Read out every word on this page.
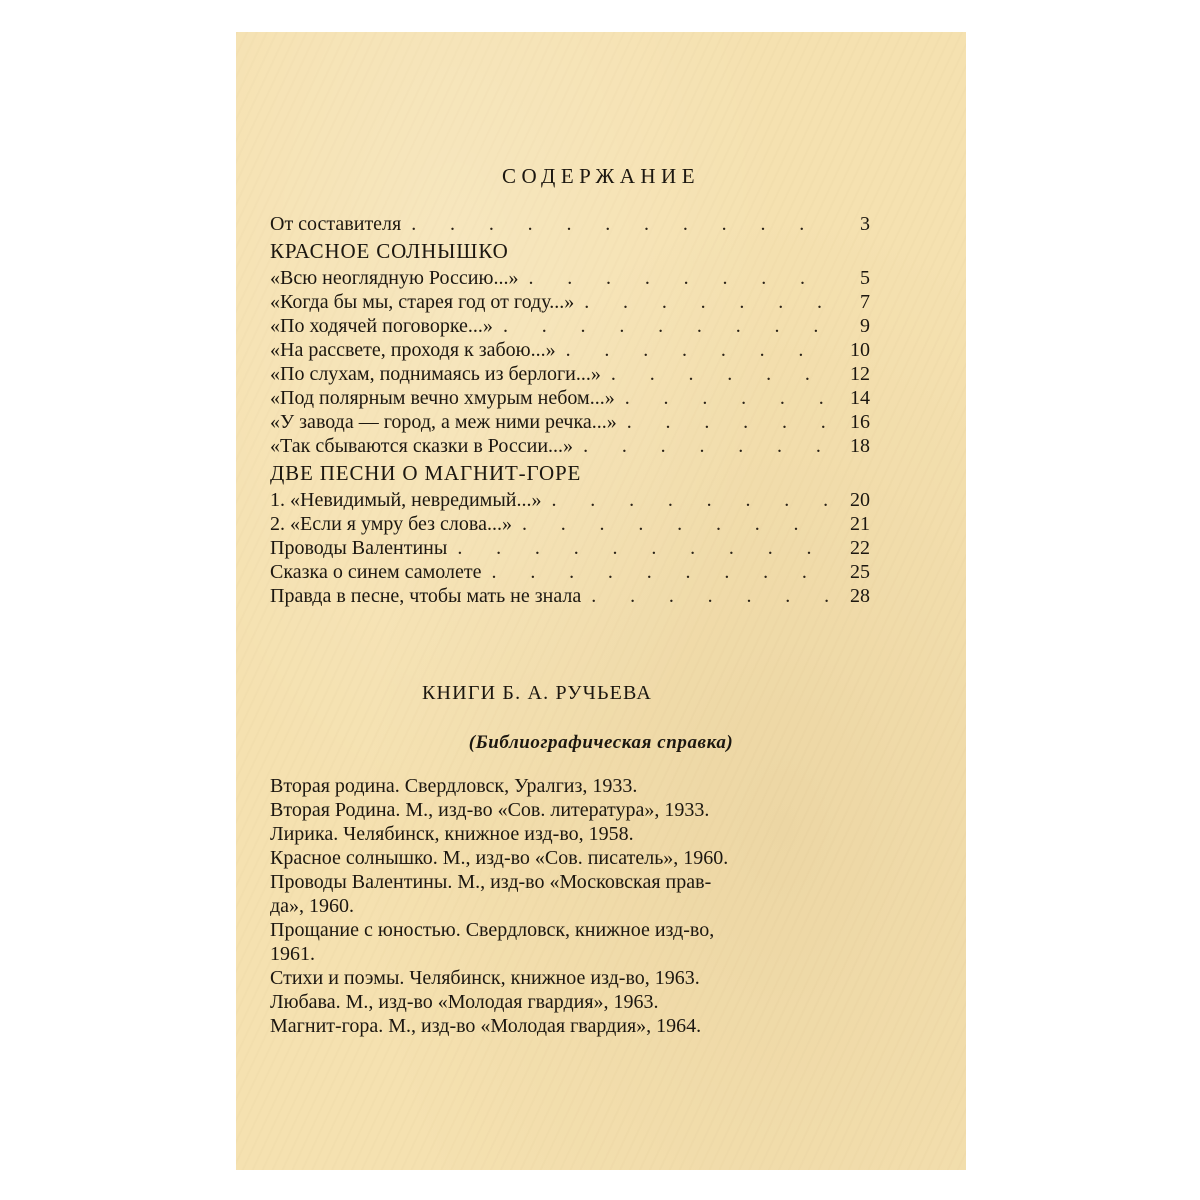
СОДЕРЖАНИЕ
От составителя . . .	3
КРАСНОЕ СОЛНЫШКО
«Всю неоглядную Россию...» . . .	5
«Когда бы мы, старея год от году...» . . .	7
«По ходячей поговорке...» . . .	9
«На рассвете, проходя к забою...» . . .	10
«По слухам, поднимаясь из берлоги...» . . .	12
«Под полярным вечно хмурым небом...» . . .	14
«У завода — город, а меж ними речка...» . . .	16
«Так сбываются сказки в России...» . . .	18
ДВЕ ПЕСНИ О МАГНИТ-ГОРЕ
1. «Невидимый, невредимый...» . . .	20
2. «Если я умру без слова...» . . .	21
Проводы Валентины . . .	22
Сказка о синем самолете . . .	25
Правда в песне, чтобы мать не знала . . .	28
КНИГИ Б. А. РУЧЬЕВА

(Библиографическая справка)

Вторая родина. Свердловск, Уралгиз, 1933.
Вторая Родина. М., изд-во «Сов. литература», 1933.
Лирика. Челябинск, книжное изд-во, 1958.
Красное солнышко. М., изд-во «Сов. писатель», 1960.
Проводы Валентины. М., изд-во «Московская прав-
да», 1960.
Прощание с юностью. Свердловск, книжное изд-во,
1961.
Стихи и поэмы. Челябинск, книжное изд-во, 1963.
Любава. М., изд-во «Молодая гвардия», 1963.
Магнит-гора. М., изд-во «Молодая гвардия», 1964.
